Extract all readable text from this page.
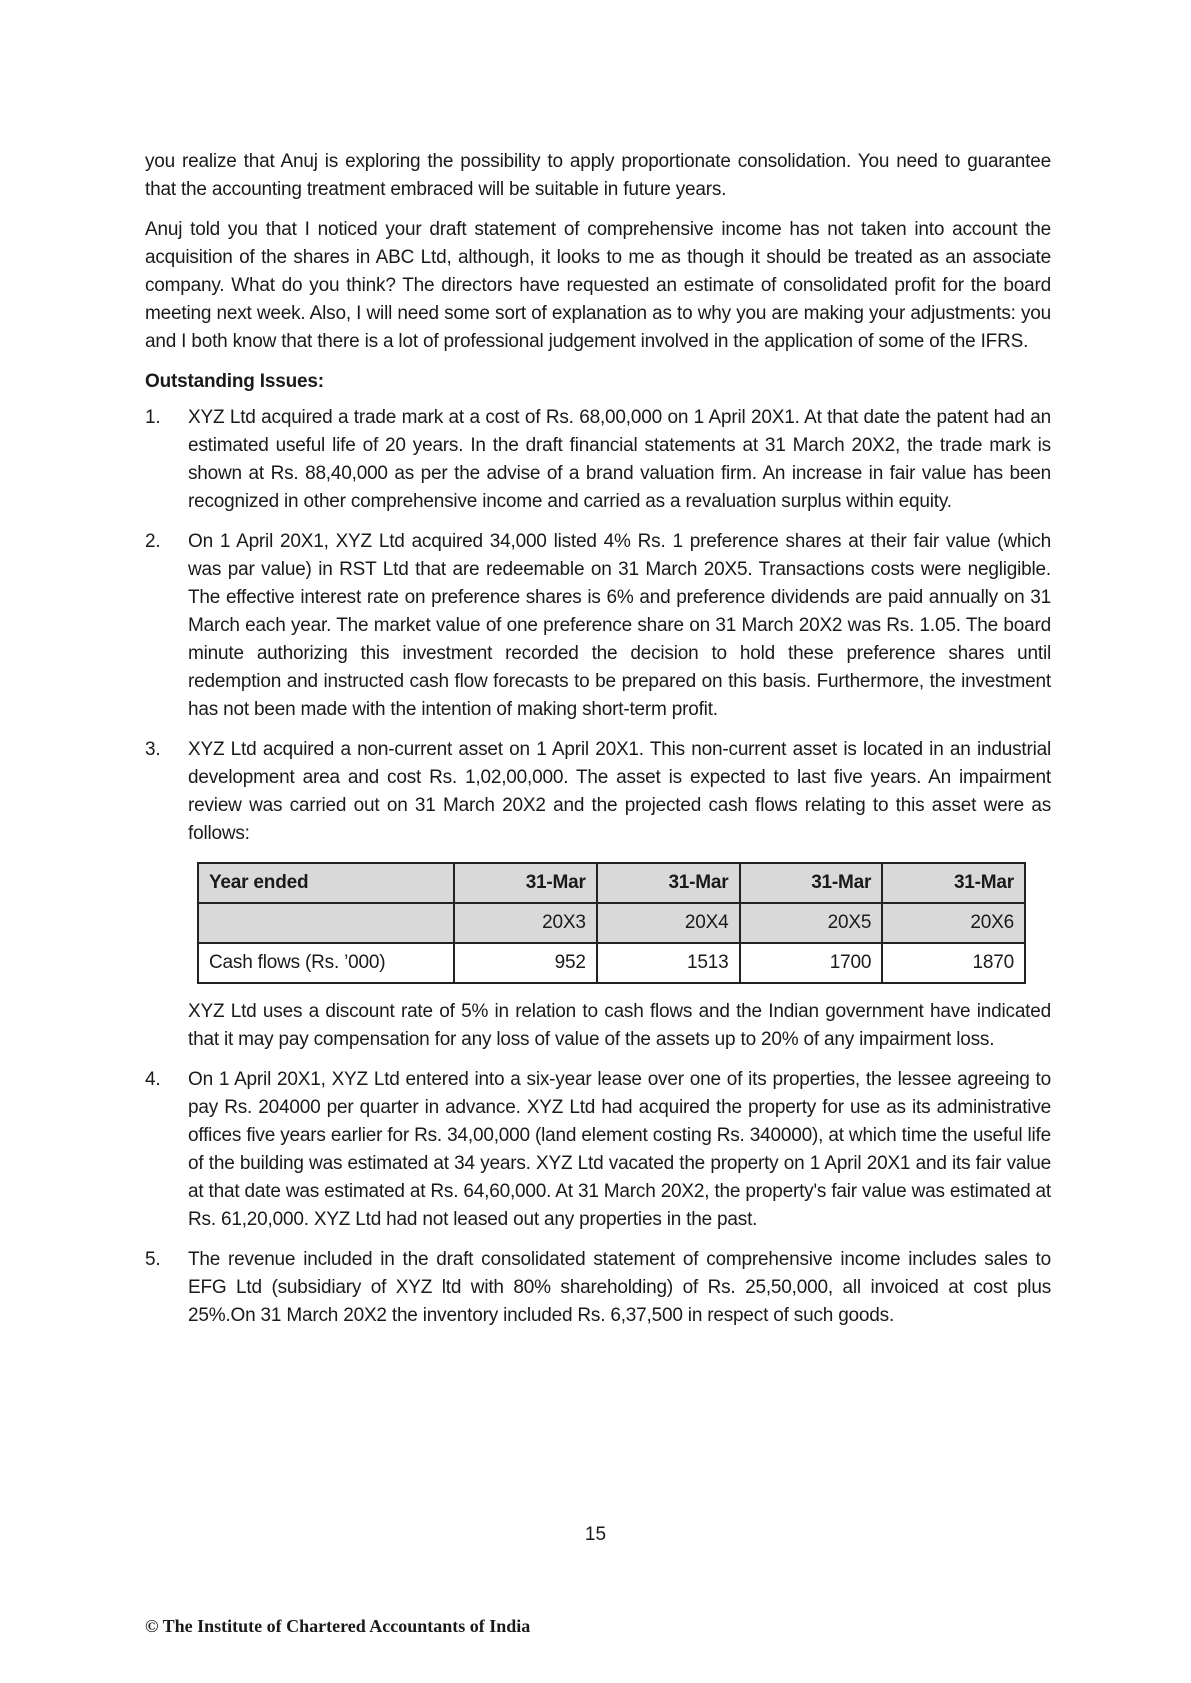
you realize that Anuj is exploring the possibility to apply proportionate consolidation. You need to guarantee that the accounting treatment embraced will be suitable in future years.

Anuj told you that I noticed your draft statement of comprehensive income has not taken into account the acquisition of the shares in ABC Ltd, although, it looks to me as though it should be treated as an associate company. What do you think? The directors have requested an estimate of consolidated profit for the board meeting next week. Also, I will need some sort of explanation as to why you are making your adjustments: you and I both know that there is a lot of professional judgement involved in the application of some of the IFRS.

Outstanding Issues:

1. XYZ Ltd acquired a trade mark at a cost of Rs. 68,00,000 on 1 April 20X1. At that date the patent had an estimated useful life of 20 years. In the draft financial statements at 31 March 20X2, the trade mark is shown at Rs. 88,40,000 as per the advise of a brand valuation firm. An increase in fair value has been recognized in other comprehensive income and carried as a revaluation surplus within equity.
2. On 1 April 20X1, XYZ Ltd acquired 34,000 listed 4% Rs. 1 preference shares at their fair value (which was par value) in RST Ltd that are redeemable on 31 March 20X5. Transactions costs were negligible. The effective interest rate on preference shares is 6% and preference dividends are paid annually on 31 March each year. The market value of one preference share on 31 March 20X2 was Rs. 1.05. The board minute authorizing this investment recorded the decision to hold these preference shares until redemption and instructed cash flow forecasts to be prepared on this basis. Furthermore, the investment has not been made with the intention of making short-term profit.
3. XYZ Ltd acquired a non-current asset on 1 April 20X1. This non-current asset is located in an industrial development area and cost Rs. 1,02,00,000. The asset is expected to last five years. An impairment review was carried out on 31 March 20X2 and the projected cash flows relating to this asset were as follows:

Year ended	31-Mar	31-Mar	31-Mar	31-Mar
	20X3	20X4	20X5	20X6
Cash flows (Rs. ’000)	952	1513	1700	1870

XYZ Ltd uses a discount rate of 5% in relation to cash flows and the Indian government have indicated that it may pay compensation for any loss of value of the assets up to 20% of any impairment loss.

4. On 1 April 20X1, XYZ Ltd entered into a six-year lease over one of its properties, the lessee agreeing to pay Rs. 204000 per quarter in advance. XYZ Ltd had acquired the property for use as its administrative offices five years earlier for Rs. 34,00,000 (land element costing Rs. 340000), at which time the useful life of the building was estimated at 34 years. XYZ Ltd vacated the property on 1 April 20X1 and its fair value at that date was estimated at Rs. 64,60,000. At 31 March 20X2, the property's fair value was estimated at Rs. 61,20,000. XYZ Ltd had not leased out any properties in the past.
5. The revenue included in the draft consolidated statement of comprehensive income includes sales to EFG Ltd (subsidiary of XYZ ltd with 80% shareholding) of Rs. 25,50,000, all invoiced at cost plus 25%.On 31 March 20X2 the inventory included Rs. 6,37,500 in respect of such goods.
15
© The Institute of Chartered Accountants of India
